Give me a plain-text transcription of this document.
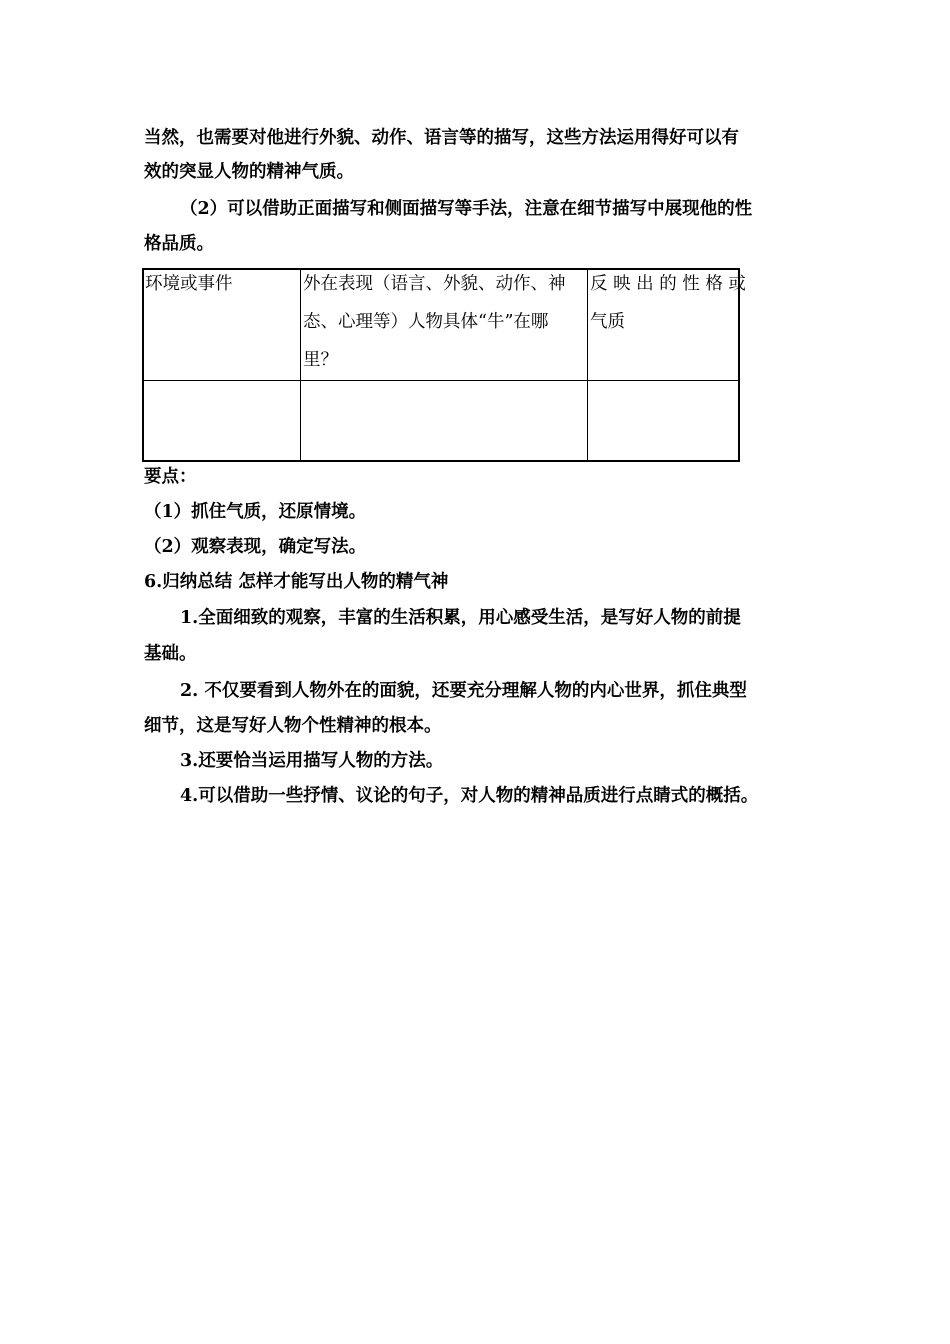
当然，也需要对他进行外貌、动作、语言等的描写，这些方法运用得好可以有
效的突显人物的精神气质。
（2）可以借助正面描写和侧面描写等手法，注意在细节描写中展现他的性
格品质。
环境或事件	外在表现（语言、外貌、动作、神
态、心理等）人物具体“牛”在哪
里？
反 映 出 的 性 格 或
气质
要点：
（1）抓住气质，还原情境。
（2）观察表现，确定写法。
6.归纳总结 怎样才能写出人物的精气神
1.全面细致的观察，丰富的生活积累，用心感受生活，是写好人物的前提
基础。
2. 不仅要看到人物外在的面貌，还要充分理解人物的内心世界，抓住典型
细节，这是写好人物个性精神的根本。
3.还要恰当运用描写人物的方法。
4.可以借助一些抒情、议论的句子，对人物的精神品质进行点睛式的概括。
